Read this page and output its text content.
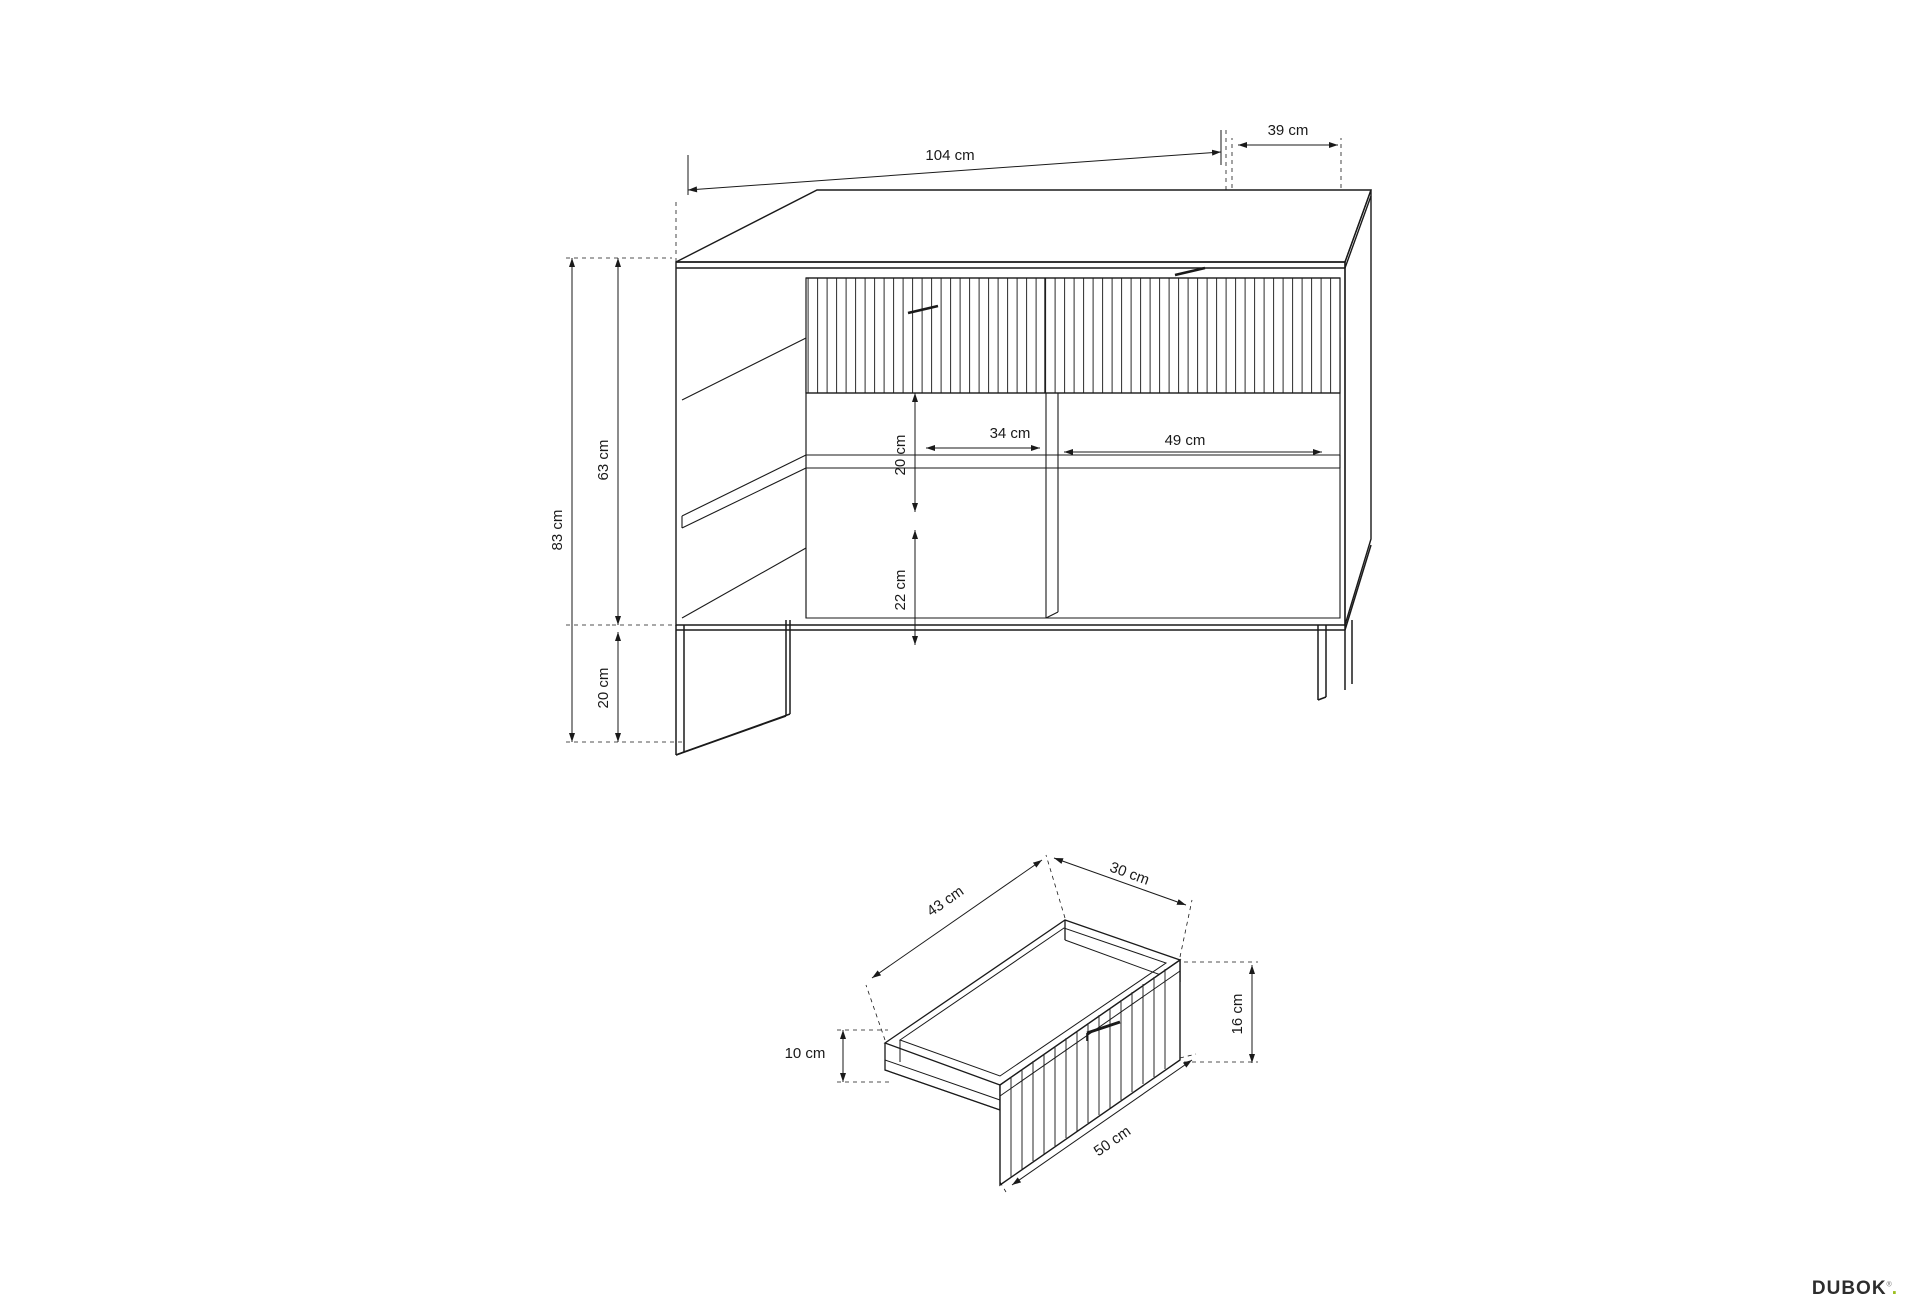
104 cm
39 cm
83 cm
63 cm
20 cm
34 cm	49 cm
20 cm
22 cm
43 cm
30 cm
16 cm
10 cm
50 cm
DUBOK®.
